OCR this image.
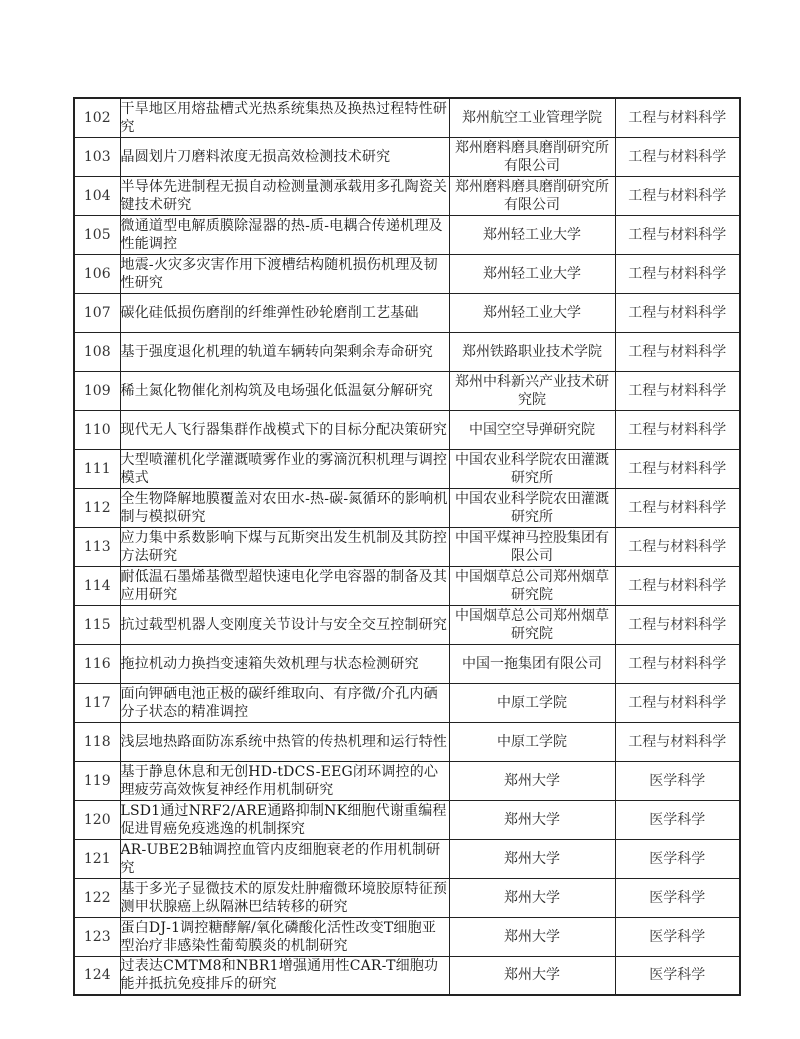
102	干旱地区用熔盐槽式光热系统集热及换热过程特性研究	郑州航空工业管理学院	工程与材料科学
103	晶圆划片刀磨料浓度无损高效检测技术研究	郑州磨料磨具磨削研究所有限公司	工程与材料科学
104	半导体先进制程无损自动检测量测承载用多孔陶瓷关键技术研究	郑州磨料磨具磨削研究所有限公司	工程与材料科学
105	微通道型电解质膜除湿器的热-质-电耦合传递机理及性能调控	郑州轻工业大学	工程与材料科学
106	地震-火灾多灾害作用下渡槽结构随机损伤机理及韧性研究	郑州轻工业大学	工程与材料科学
107	碳化硅低损伤磨削的纤维弹性砂轮磨削工艺基础	郑州轻工业大学	工程与材料科学
108	基于强度退化机理的轨道车辆转向架剩余寿命研究	郑州铁路职业技术学院	工程与材料科学
109	稀土氮化物催化剂构筑及电场强化低温氨分解研究	郑州中科新兴产业技术研究院	工程与材料科学
110	现代无人飞行器集群作战模式下的目标分配决策研究	中国空空导弹研究院	工程与材料科学
111	大型喷灌机化学灌溉喷雾作业的雾滴沉积机理与调控模式	中国农业科学院农田灌溉研究所	工程与材料科学
112	全生物降解地膜覆盖对农田水-热-碳-氮循环的影响机制与模拟研究	中国农业科学院农田灌溉研究所	工程与材料科学
113	应力集中系数影响下煤与瓦斯突出发生机制及其防控方法研究	中国平煤神马控股集团有限公司	工程与材料科学
114	耐低温石墨烯基微型超快速电化学电容器的制备及其应用研究	中国烟草总公司郑州烟草研究院	工程与材料科学
115	抗过载型机器人变刚度关节设计与安全交互控制研究	中国烟草总公司郑州烟草研究院	工程与材料科学
116	拖拉机动力换挡变速箱失效机理与状态检测研究	中国一拖集团有限公司	工程与材料科学
117	面向钾硒电池正极的碳纤维取向、有序微/介孔内硒分子状态的精准调控	中原工学院	工程与材料科学
118	浅层地热路面防冻系统中热管的传热机理和运行特性	中原工学院	工程与材料科学
119	基于静息休息和无创HD-tDCS-EEG闭环调控的心理疲劳高效恢复神经作用机制研究	郑州大学	医学科学
120	LSD1通过NRF2/ARE通路抑制NK细胞代谢重编程促进胃癌免疫逃逸的机制探究	郑州大学	医学科学
121	AR-UBE2B轴调控血管内皮细胞衰老的作用机制研究	郑州大学	医学科学
122	基于多光子显微技术的原发灶肿瘤微环境胶原特征预测甲状腺癌上纵隔淋巴结转移的研究	郑州大学	医学科学
123	蛋白DJ-1调控糖酵解/氧化磷酸化活性改变T细胞亚型治疗非感染性葡萄膜炎的机制研究	郑州大学	医学科学
124	过表达CMTM8和NBR1增强通用性CAR-T细胞功能并抵抗免疫排斥的研究	郑州大学	医学科学
